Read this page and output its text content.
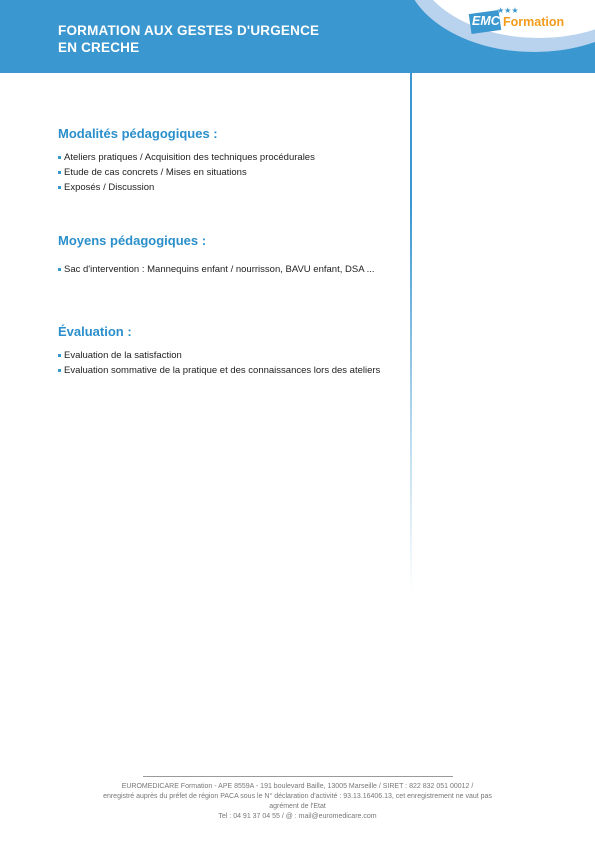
FORMATION AUX GESTES D'URGENCE
EN CRECHE
EMC
★★★
Formation
Modalités pédagogiques :
Ateliers pratiques / Acquisition des techniques procédurales
Etude de cas concrets / Mises en situations
Exposés / Discussion
Moyens pédagogiques :
Sac d'intervention : Mannequins enfant / nourrisson, BAVU enfant, DSA ...
Évaluation :
Evaluation de la satisfaction
Evaluation sommative de la pratique et des connaissances lors des ateliers
EUROMEDICARE Formation - APE 8559A - 191 boulevard Baille, 13005 Marseille / SIRET : 822 832 051 00012 /
enregistré auprès du préfet de région PACA sous le N° déclaration d'activité : 93.13.16406.13, cet enregistrement ne vaut pas
agrément de l'Etat
Tel : 04 91 37 04 55 / @ : mail@euromedicare.com
